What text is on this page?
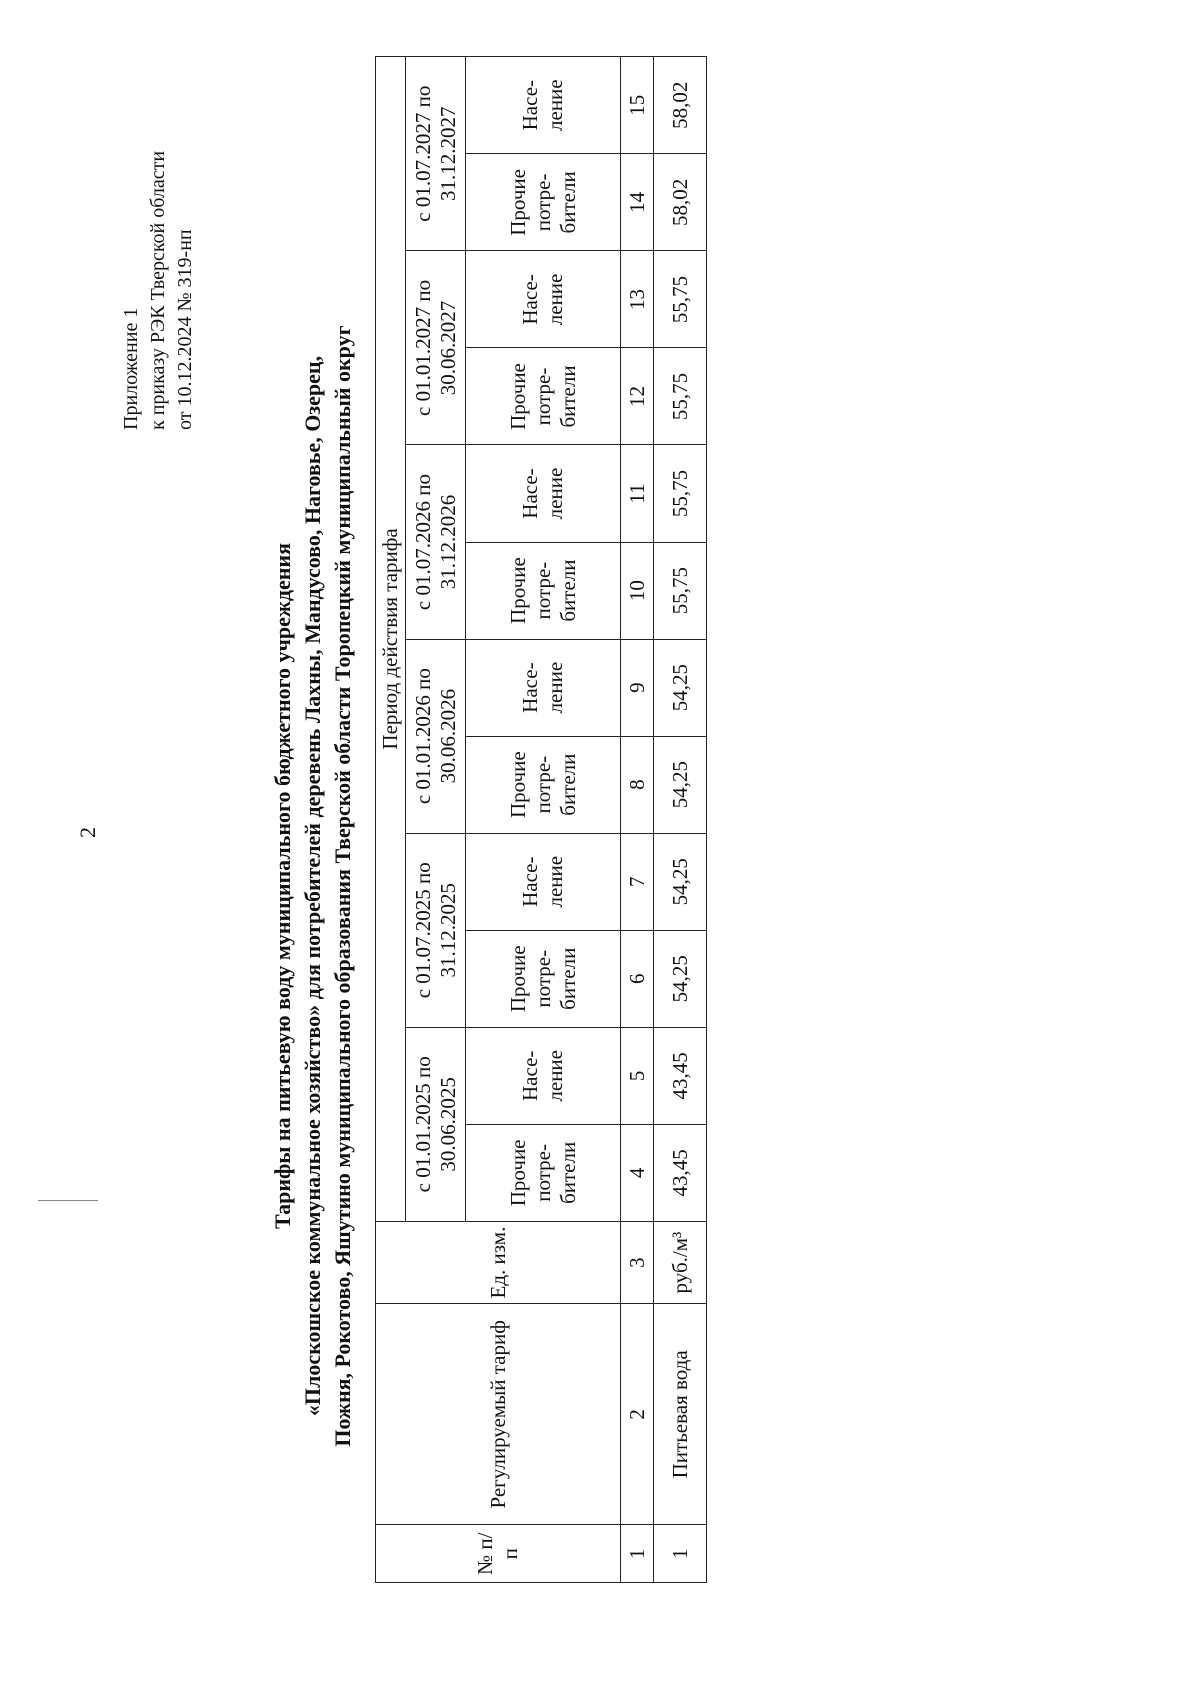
2
Приложение 1 к приказу РЭК Тверской области от 10.12.2024 № 319-нп
Тарифы на питьевую воду муниципального бюджетного учреждения «Плоскошское коммунальное хозяйство» для потребителей деревень Лахны, Мандусово, Наговье, Озерец, Пожня, Рокотово, Яшутино муниципального образования Тверской области Торопецкий муниципальный округ
№ п/п	Регулируемый тариф	Ед. изм.	Период действия тарифа											
			с 01.01.2025 по 30.06.2025		с 01.07.2025 по 31.12.2025		с 01.01.2026 по 30.06.2026		с 01.07.2026 по 31.12.2026		с 01.01.2027 по 30.06.2027		с 01.07.2027 по 31.12.2027	
			Прочие потре-бители	Насе-ление	Прочие потре-бители	Насе-ление	Прочие потре-бители	Насе-ление	Прочие потре-бители	Насе-ление	Прочие потре-бители	Насе-ление	Прочие потре-бители	Насе-ление
1	2	3	4	5	6	7	8	9	10	11	12	13	14	15
1	Питьевая вода	руб./м³	43,45	43,45	54,25	54,25	54,25	54,25	55,75	55,75	55,75	55,75	58,02	58,02
